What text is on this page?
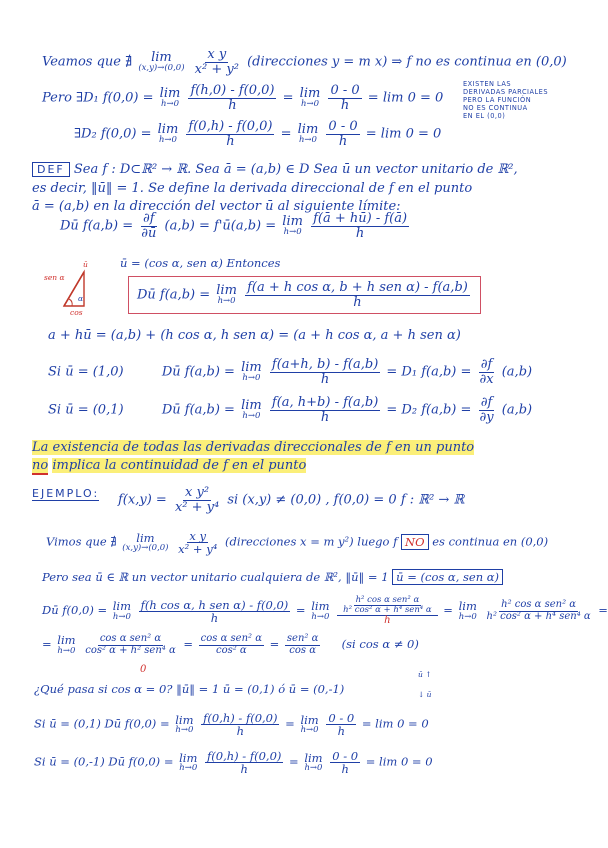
Veamos que ∄ lim
(x,y)→(0,0)
$\frac{\text{x y}}{\text{x² + y²}}$ (direcciones y = m x) ⇒ f no es continua en (0,0)
Pero ∃D₁ f(0,0) = lim
h→0
$\frac{f(h,0) - f(0,0)}{h} = \lim$
h→0
$\frac{0 - 0}{h} = \lim 0 = 0$
EXISTEN LAS
DERIVADAS PARCIALES
PERO LA FUNCIÓN
NO ES CONTINUA
EN EL (0,0)
∃D₂ f(0,0) = lim
h→0
$\frac{f(0,h) - f(0,0)}{h} = \lim$
h→0
$\frac{0 - 0}{h} = \lim 0 = 0$
DEF Sea f : D⊂ℝ² → ℝ. Sea ā = (a,b) ∈ D Sea ū un vector unitario de ℝ²,
es decir, ‖ū‖ = 1. Se define la derivada direccional de f en el punto
ā = (a,b) en la dirección del vector ū al siguiente límite:
Dū $f(a,b) = \frac{\partial f}{\partial ū} (a,b)$ = f'ū(a,b) = lim
h→0
$\frac{f(ā + hū) - f(ā)}{h}$
ū
sen α
α
cos
ū = (cos α, sen α) Entonces
Dū f(a,b) = lim
h→0
$\frac{\text{f(a + h cos α, b + h sen α) - f(a,b)}}{h}$
a + hū = (a,b) + (h cos α, h sen α) = (a + h cos α, a + h sen α)
Si ū = (1,0)	Dū f(a,b) = lim
h→0
$\frac{f(a+h, b) - f(a,b)}{h} = D_1$ $f(a,b) = \frac{\partial f}{\partial x} (a,b)$
Si ū = (0,1)	Dū f(a,b) = lim
h→0
$\frac{f(a, h+b) - f(a,b)}{h} = D_2$ $f(a,b) = \frac{\partial f}{\partial y} (a,b)$
La existencia de todas las derivadas direccionales de f en un punto
no implica la continuidad de f en el punto
EJEMPLO: $f(x,y) = \frac{\text{x y²}}{\text{x² + y⁴}}$ si (x,y) ≠ (0,0) , f(0,0) = 0 f : ℝ² → ℝ
Vimos que ∄ lim
(x,y)→(0,0)
$\frac{\text{x y}}{\text{x² + y⁴}}$ (direcciones x = m y²) luego f NO es continua en (0,0)
Pero sea ū ∈ ℝ un vector unitario cualquiera de ℝ², ‖ū‖ = 1 ū = (cos α, sen α)
Dū f(0,0) = lim
h→0
$\frac{\text{f(h cos α, h sen α) - f(0,0)}}{h} = \lim$
h→0
$\frac{\frac{\text{h² cos α sen² α}}{\text{h² cos² α + h⁴ sen⁴ α}}}{h} = \lim$
h→0
$\frac{\text{h² cos α sen² α}}{\text{h² cos² α + h⁴ sen⁴ α}}$ =
= lim
h→0
$\frac{\text{cos α sen² α}}{\text{cos² α + h² sen⁴ α}} = \frac{\text{cos α sen² α}}{\text{cos² α}} = \frac{\text{sen² α}}{\text{cos α}} (si$ cos α ≠ 0)
0
¿Qué pasa si cos α = 0? ‖ū‖ = 1 ū = (0,1) ó ū = (0,-1)
ū ↑
↓ ū
Si ū = (0,1) Dū f(0,0) = lim
h→0
$\frac{f(0,h) - f(0,0)}{h} = \lim$
h→0
$\frac{0 - 0}{h} = \lim 0 = 0$
Si ū = (0,-1) Dū f(0,0) = lim
h→0
$\frac{f(0,h) - f(0,0)}{h} = \lim$
h→0
$\frac{0 - 0}{h} = \lim 0 = 0$
